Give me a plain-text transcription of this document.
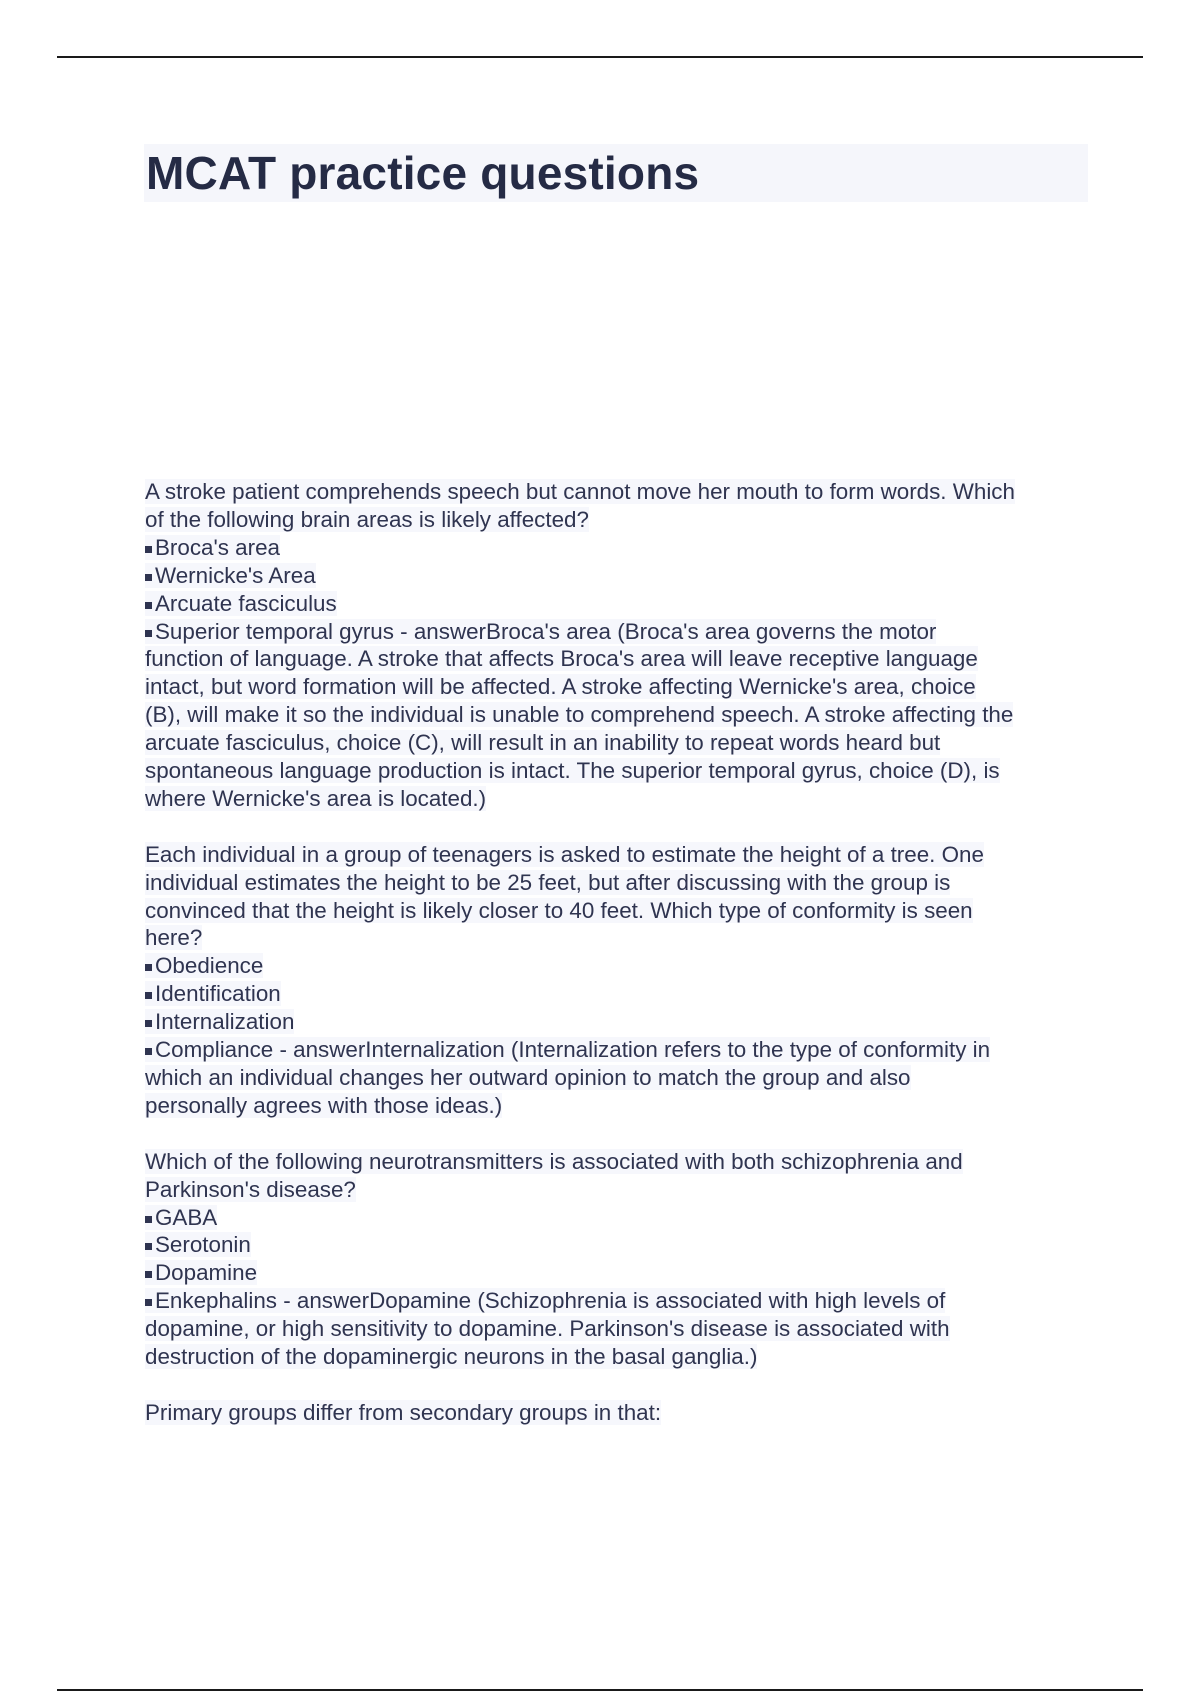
MCAT practice questions
A stroke patient comprehends speech but cannot move her mouth to form words. Which
of the following brain areas is likely affected?
Broca's area
Wernicke's Area
Arcuate fasciculus
Superior temporal gyrus - answerBroca's area (Broca's area governs the motor
function of language. A stroke that affects Broca's area will leave receptive language
intact, but word formation will be affected. A stroke affecting Wernicke's area, choice
(B), will make it so the individual is unable to comprehend speech. A stroke affecting the
arcuate fasciculus, choice (C), will result in an inability to repeat words heard but
spontaneous language production is intact. The superior temporal gyrus, choice (D), is
where Wernicke's area is located.)
Each individual in a group of teenagers is asked to estimate the height of a tree. One
individual estimates the height to be 25 feet, but after discussing with the group is
convinced that the height is likely closer to 40 feet. Which type of conformity is seen
here?
Obedience
Identification
Internalization
Compliance - answerInternalization (Internalization refers to the type of conformity in
which an individual changes her outward opinion to match the group and also
personally agrees with those ideas.)
Which of the following neurotransmitters is associated with both schizophrenia and
Parkinson's disease?
GABA
Serotonin
Dopamine
Enkephalins - answerDopamine (Schizophrenia is associated with high levels of
dopamine, or high sensitivity to dopamine. Parkinson's disease is associated with
destruction of the dopaminergic neurons in the basal ganglia.)
Primary groups differ from secondary groups in that:
